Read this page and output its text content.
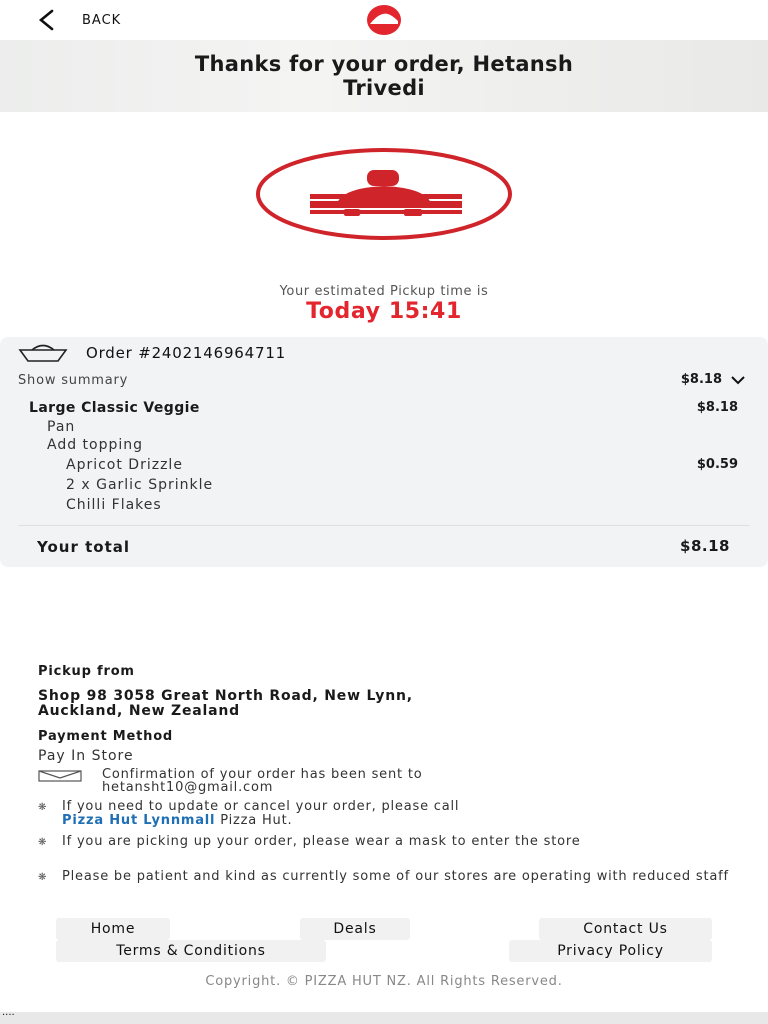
BACK
Thanks for your order, Hetansh
Trivedi
Your estimated Pickup time is
Today 15:41
Order #2402146964711
Show summary	$8.18
Large Classic Veggie	$8.18
Pan
Add topping
Apricot Drizzle	$0.59
2 x Garlic Sprinkle
Chilli Flakes
Your total	$8.18
Pickup from
Shop 98 3058 Great North Road, New Lynn,
Auckland, New Zealand
Payment Method
Pay In Store
Confirmation of your order has been sent to
hetansht10@gmail.com
❋	If you need to update or cancel your order, please call
Pizza Hut Lynnmall Pizza Hut.
❋	If you are picking up your order, please wear a mask to enter the store
❋	Please be patient and kind as currently some of our stores are operating with reduced staff
Home	Deals	Contact Us
Terms & Conditions	Privacy Policy
Copyright. © PIZZA HUT NZ. All Rights Reserved.
····
